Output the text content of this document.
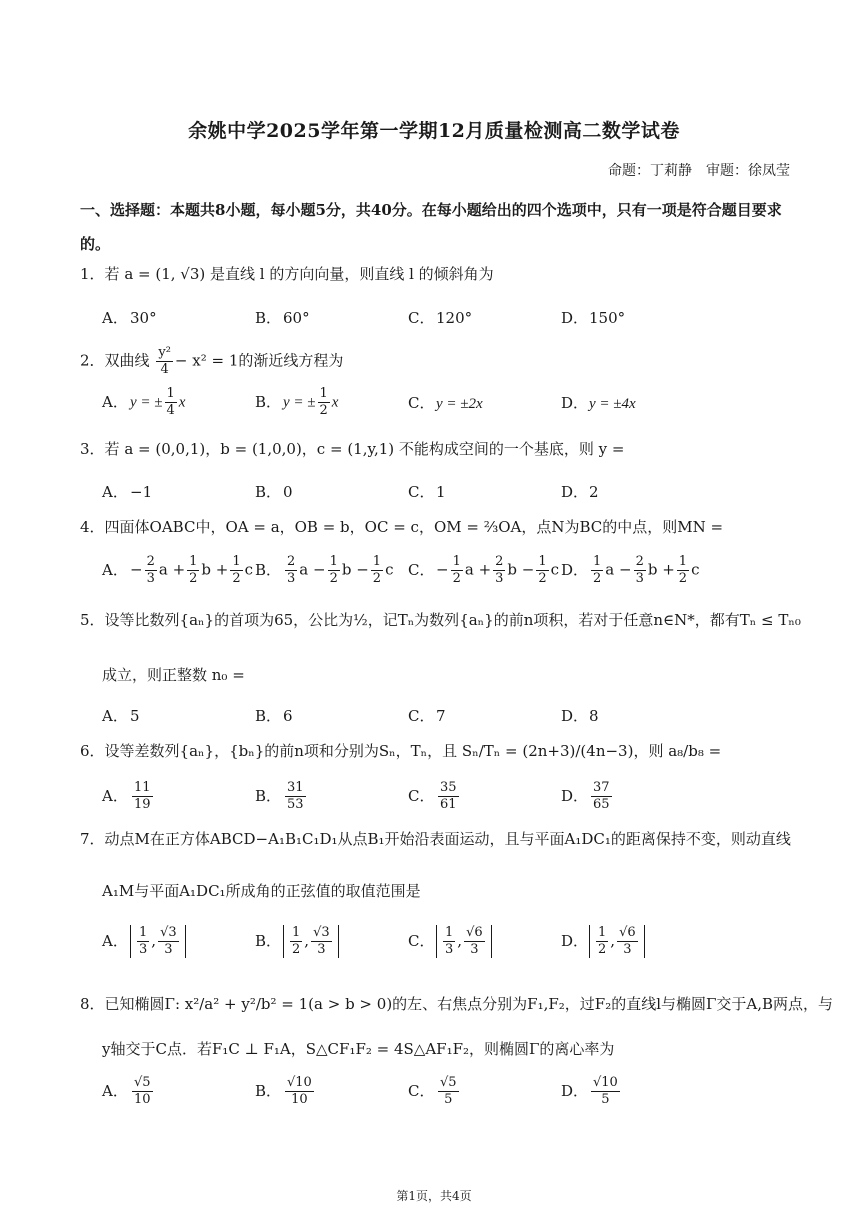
余姚中学2025学年第一学期12月质量检测高二数学试卷
命题：丁莉静　审题：徐凤莹
一、选择题：本题共8小题，每小题5分，共40分。在每小题给出的四个选项中，只有一项是符合题目要求的。
1．若 a = (1, √3) 是直线 l 的方向向量，则直线 l 的倾斜角为
A． 30°	B． 60°	C． 120°	D．150°
2．双曲线 $\frac{\text{y²}}{4} - x^2 = 1$的渐近线方程为
A． y = ± $\frac{1}{4}$ x	B． y = ± $\frac{1}{2}$ x	C． y = ±2x	D．y = ±4x
3．若 a = (0,0,1)，b = (1,0,0)，c = (1,y,1) 不能构成空间的一个基底，则 y =
A． −1	B． 0	C． 1	D．2
4．四面体OABC中，OA = a，OB = b，OC = c，OM = ⅔OA，点N为BC的中点，则MN =
A． − $\frac{2}{3}$ $a + \frac{1}{2}$ $b + \frac{1}{2}$ c B． $\frac{2}{3}$ $a - \frac{1}{2}$ $b - \frac{1}{2}$ c C． − $\frac{1}{2}$ $a + \frac{2}{3}$ $b - \frac{1}{2}$ c D． $\frac{1}{2}$ $a - \frac{2}{3}$ $b + \frac{1}{2}$ c
5．设等比数列{aₙ}的首项为65，公比为½，记Tₙ为数列{aₙ}的前n项积，若对于任意n∈N*，都有Tₙ ≤ Tₙ₀
成立，则正整数 n₀ =
A． 5	B． 6	C． 7	D．8
6．设等差数列{aₙ}，{bₙ}的前n项和分别为Sₙ，Tₙ，且 Sₙ/Tₙ = (2n+3)/(4n−3)，则 a₈/b₈ =
A． $\frac{11}{19}$	B． $\frac{31}{53}$	C． $\frac{35}{61}$	D． $\frac{37}{65}$
7．动点M在正方体ABCD−A₁B₁C₁D₁从点B₁开始沿表面运动，且与平面A₁DC₁的距离保持不变，则动直线
A₁M与平面A₁DC₁所成角的正弦值的取值范围是
A． $\frac{1}{3}$ , $\frac{√3}{3}$	B． $\frac{1}{2}$ , $\frac{√3}{3}$	C． $\frac{1}{3}$ , $\frac{√6}{3}$	D． $\frac{1}{2}$ , $\frac{√6}{3}$
8．已知椭圆Γ: x²/a² + y²/b² = 1(a > b > 0)的左、右焦点分别为F₁,F₂，过F₂的直线l与椭圆Γ交于A,B两点，与
y轴交于C点．若F₁C ⊥ F₁A，S△CF₁F₂ = 4S△AF₁F₂，则椭圆Γ的离心率为
A． $\frac{√5}{10}$	B． $\frac{√10}{10}$	C． $\frac{√5}{5}$	D． $\frac{√10}{5}$
第1页，共4页
